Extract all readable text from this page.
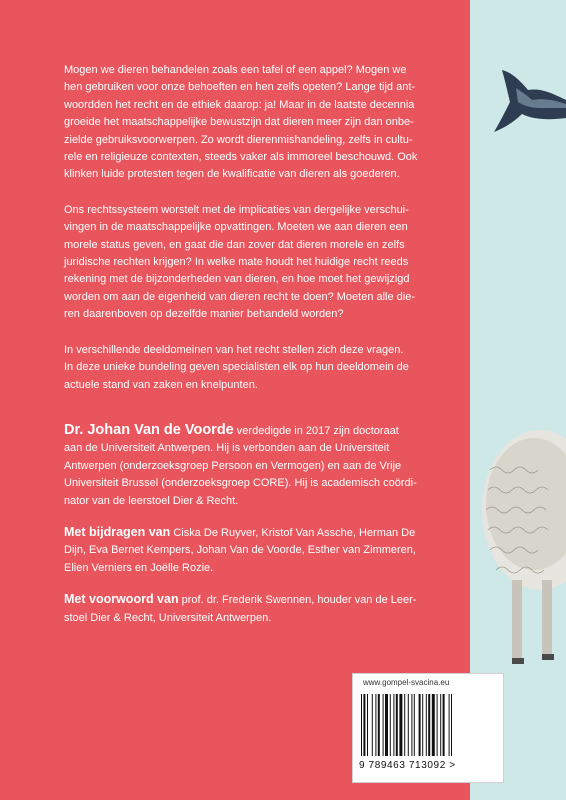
Mogen we dieren behandelen zoals een tafel of een appel? Mogen we
hen gebruiken voor onze behoeften en hen zelfs opeten? Lange tijd ant-
woordden het recht en de ethiek daarop: ja! Maar in de laatste decennia
groeide het maatschappelijke bewustzijn dat dieren meer zijn dan onbe-
zielde gebruiksvoorwerpen. Zo wordt dierenmishandeling, zelfs in cultu-
rele en religieuze contexten, steeds vaker als immoreel beschouwd. Ook
klinken luide protesten tegen de kwalificatie van dieren als goederen.

Ons rechtssysteem worstelt met de implicaties van dergelijke verschui-
vingen in de maatschappelijke opvattingen. Moeten we aan dieren een
morele status geven, en gaat die dan zover dat dieren morele en zelfs
juridische rechten krijgen? In welke mate houdt het huidige recht reeds
rekening met de bijzonderheden van dieren, en hoe moet het gewijzigd
worden om aan de eigenheid van dieren recht te doen? Moeten alle die-
ren daarenboven op dezelfde manier behandeld worden?

In verschillende deeldomeinen van het recht stellen zich deze vragen.
In deze unieke bundeling geven specialisten elk op hun deeldomein de
actuele stand van zaken en knelpunten.

Dr. Johan Van de Voorde verdedigde in 2017 zijn doctoraat
aan de Universiteit Antwerpen. Hij is verbonden aan de Universiteit
Antwerpen (onderzoeksgroep Persoon en Vermogen) en aan de Vrije
Universiteit Brussel (onderzoeksgroep CORE). Hij is academisch coördi-
nator van de leerstoel Dier & Recht.

Met bijdragen van Ciska De Ruyver, Kristof Van Assche, Herman De
Dijn, Eva Bernet Kempers, Johan Van de Voorde, Esther van Zimmeren,
Elien Verniers en Joëlle Rozie.

Met voorwoord van prof. dr. Frederik Swennen, houder van de Leer-
stoel Dier & Recht, Universiteit Antwerpen.

www.gompel-svacina.eu
9 789463 713092 >
